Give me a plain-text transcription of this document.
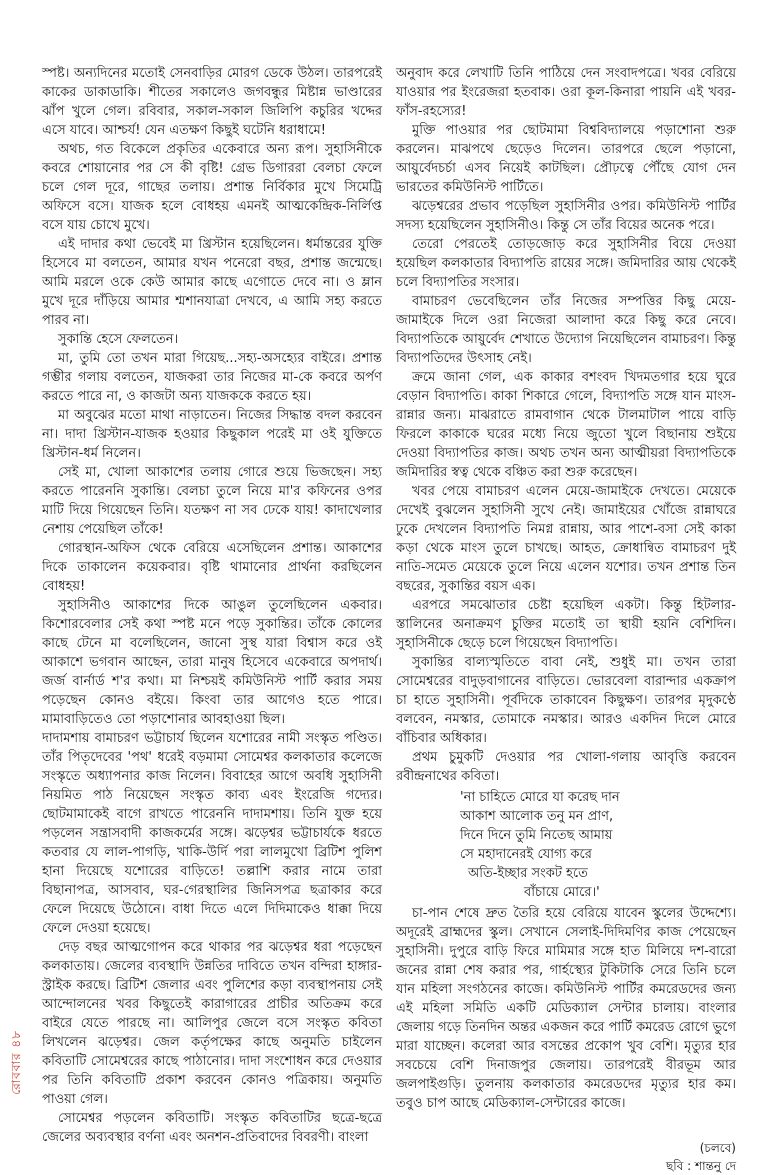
স্পষ্ট। অন্যদিনের মতোই সেনবাড়ির মোরগ ডেকে উঠল। তারপরেই কাকের ডাকাডাকি। শীতের সকালেও জগবন্ধুর মিষ্টান্ন ভাণ্ডারের ঝাঁপ খুলে গেল। রবিবার, সকাল-সকাল জিলিপি কচুরির খদ্দের এসে যাবে। আশ্চর্য! যেন এতক্ষণ কিছুই ঘটেনি ধরাধামে!

অথচ, গত বিকেলে প্রকৃতির একেবারে অন্য রূপ। সুহাসিনীকে কবরে শোয়ানোর পর সে কী বৃষ্টি! গ্রেভ ডিগাররা বেলচা ফেলে চলে গেল দূরে, গাছের তলায়। প্রশান্ত নির্বিকার মুখে সিমেট্রি অফিসে বসে। যাজক হলে বোধহয় এমনই আত্মকেন্দ্রিক-নির্লিপ্ত বসে যায় চোখে মুখে।

এই দাদার কথা ভেবেই মা খ্রিস্টান হয়েছিলেন। ধর্মান্তরের যুক্তি হিসেবে মা বলতেন, আমার যখন পনেরো বছর, প্রশান্ত জন্মেছে। আমি মরলে ওকে কেউ আমার কাছে এগোতে দেবে না। ও ম্লান মুখে দূরে দাঁড়িয়ে আমার শ্মশানযাত্রা দেখবে, এ আমি সহ্য করতে পারব না।

সুকান্তি হেসে ফেলতেন।

মা, তুমি তো তখন মারা গিয়েছ...সহ্য-অসহ্যের বাইরে। প্রশান্ত গম্ভীর গলায় বলতেন, যাজকরা তার নিজের মা-কে কবরে অর্পণ করতে পারে না, ও কাজটা অন্য যাজককে করতে হয়।

মা অবুঝের মতো মাথা নাড়াতেন। নিজের সিদ্ধান্ত বদল করবেন না। দাদা খ্রিস্টান-যাজক হওয়ার কিছুকাল পরেই মা ওই যুক্তিতে খ্রিস্টান-ধর্ম নিলেন।

সেই মা, খোলা আকাশের তলায় গোরে শুয়ে ভিজছেন। সহ্য করতে পারেননি সুকান্তি। বেলচা তুলে নিয়ে মা'র কফিনের ওপর মাটি দিয়ে গিয়েছেন তিনি। যতক্ষণ না সব ঢেকে যায়! কাদাখেলার নেশায় পেয়েছিল তাঁকে!

গোরস্থান-অফিস থেকে বেরিয়ে এসেছিলেন প্রশান্ত। আকাশের দিকে তাকালেন কয়েকবার। বৃষ্টি থামানোর প্রার্থনা করছিলেন বোধহয়!

সুহাসিনীও আকাশের দিকে আঙুল তুলেছিলেন একবার। কিশোরবেলার সেই কথা স্পষ্ট মনে পড়ে সুকান্তির। তাঁকে কোলের কাছে টেনে মা বলেছিলেন, জানো সুস্থ যারা বিশ্বাস করে ওই আকাশে ভগবান আছেন, তারা মানুষ হিসেবে একেবারে অপদার্থ। জর্জ বার্নার্ড শ'র কথা। মা নিশ্চয়ই কমিউনিস্ট পার্টি করার সময় পড়েছেন কোনও বইয়ে। কিংবা তার আগেও হতে পারে। মামাবাড়িতেও তো পড়াশোনার আবহাওয়া ছিল।

দাদামশায় বামাচরণ ভট্টাচার্য ছিলেন যশোরের নামী সংস্কৃত পণ্ডিত। তাঁর পিতৃদেবের 'পথ' ধরেই বড়মামা সোমেশ্বর কলকাতার কলেজে সংস্কৃতে অধ্যাপনার কাজ নিলেন। বিবাহের আগে অবধি সুহাসিনী নিয়মিত পাঠ নিয়েছেন সংস্কৃত কাব্য এবং ইংরেজি গদ্যের। ছোটমামাকেই বাগে রাখতে পারেননি দাদামশায়। তিনি যুক্ত হয়ে পড়লেন সন্ত্রাসবাদী কাজকর্মের সঙ্গে। ঝড়েশ্বর ভট্টাচার্যকে ধরতে কতবার যে লাল-পাগড়ি, খাকি-উর্দি পরা লালমুখো ব্রিটিশ পুলিশ হানা দিয়েছে যশোরের বাড়িতে! তল্লাশি করার নামে তারা বিছানাপত্র, আসবাব, ঘর-গেরস্থালির জিনিসপত্র ছত্রাকার করে ফেলে দিয়েছে উঠোনে। বাধা দিতে এলে দিদিমাকেও ধাক্কা দিয়ে ফেলে দেওয়া হয়েছে।

দেড় বছর আত্মগোপন করে থাকার পর ঝড়েশ্বর ধরা পড়েছেন কলকাতায়। জেলের ব্যবস্থাদি উন্নতির দাবিতে তখন বন্দিরা হাঙ্গার-স্ট্রাইক করছে। ব্রিটিশ জেলার এবং পুলিশের কড়া ব্যবস্থাপনায় সেই আন্দোলনের খবর কিছুতেই কারাগারের প্রাচীর অতিক্রম করে বাইরে যেতে পারছে না। আলিপুর জেলে বসে সংস্কৃত কবিতা লিখলেন ঝড়েশ্বর। জেল কর্তৃপক্ষের কাছে অনুমতি চাইলেন কবিতাটি সোমেশ্বরের কাছে পাঠানোর। দাদা সংশোধন করে দেওয়ার পর তিনি কবিতাটি প্রকাশ করবেন কোনও পত্রিকায়। অনুমতি পাওয়া গেল।

সোমেশ্বর পড়লেন কবিতাটি। সংস্কৃত কবিতাটির ছত্রে-ছত্রে জেলের অব্যবস্থার বর্ণনা এবং অনশন-প্রতিবাদের বিবরণী। বাংলা

অনুবাদ করে লেখাটি তিনি পাঠিয়ে দেন সংবাদপত্রে। খবর বেরিয়ে যাওয়ার পর ইংরেজরা হতবাক। ওরা কূল-কিনারা পায়নি এই খবর-ফাঁস-রহস্যের!

মুক্তি পাওয়ার পর ছোটমামা বিশ্ববিদ্যালয়ে পড়াশোনা শুরু করলেন। মাঝপথে ছেড়েও দিলেন। তারপরে ছেলে পড়ানো, আয়ুর্বেদচর্চা এসব নিয়েই কাটছিল। প্রৌঢ়ত্বে পৌঁছে যোগ দেন ভারতের কমিউনিস্ট পার্টিতে।

ঝড়েশ্বরের প্রভাব পড়েছিল সুহাসিনীর ওপর। কমিউনিস্ট পার্টির সদস্য হয়েছিলেন সুহাসিনীও। কিন্তু সে তাঁর বিয়ের অনেক পরে।

তেরো পেরতেই তোড়জোড় করে সুহাসিনীর বিয়ে দেওয়া হয়েছিল কলকাতার বিদ্যাপতি রায়ের সঙ্গে। জমিদারির আয় থেকেই চলে বিদ্যাপতির সংসার।

বামাচরণ ভেবেছিলেন তাঁর নিজের সম্পত্তির কিছু মেয়ে-জামাইকে দিলে ওরা নিজেরা আলাদা করে কিছু করে নেবে। বিদ্যাপতিকে আয়ুর্বেদ শেখাতে উদ্যোগ নিয়েছিলেন বামাচরণ। কিন্তু বিদ্যাপতিদের উৎসাহ নেই।

ক্রমে জানা গেল, এক কাকার বশংবদ খিদমতগার হয়ে ঘুরে বেড়ান বিদ্যাপতি। কাকা শিকারে গেলে, বিদ্যাপতি সঙ্গে যান মাংস-রান্নার জন্য। মাঝরাতে রামবাগান থেকে টালমাটাল পায়ে বাড়ি ফিরলে কাকাকে ঘরের মধ্যে নিয়ে জুতো খুলে বিছানায় শুইয়ে দেওয়া বিদ্যাপতির কাজ। অথচ তখন অন্য আত্মীয়রা বিদ্যাপতিকে জমিদারির স্বত্ব থেকে বঞ্চিত করা শুরু করেছেন।

খবর পেয়ে বামাচরণ এলেন মেয়ে-জামাইকে দেখতে। মেয়েকে দেখেই বুঝলেন সুহাসিনী সুখে নেই। জামাইয়ের খোঁজে রান্নাঘরে ঢুকে দেখলেন বিদ্যাপতি নিমগ্ন রান্নায়, আর পাশে-বসা সেই কাকা কড়া থেকে মাংস তুলে চাখছে। আহত, ক্রোধান্বিত বামাচরণ দুই নাতি-সমেত মেয়েকে তুলে নিয়ে এলেন যশোর। তখন প্রশান্ত তিন বছরের, সুকান্তির বয়স এক।

এরপরে সমঝোতার চেষ্টা হয়েছিল একটা। কিন্তু হিটলার-স্তালিনের অনাক্রমণ চুক্তির মতোই তা স্থায়ী হয়নি বেশিদিন। সুহাসিনীকে ছেড়ে চলে গিয়েছেন বিদ্যাপতি।

সুকান্তির বাল্যস্মৃতিতে বাবা নেই, শুধুই মা। তখন তারা সোমেশ্বরের বাদুড়বাগানের বাড়িতে। ভোরবেলা বারান্দার একক্রাপ চা হাতে সুহাসিনী। পূর্বদিকে তাকাবেন কিছুক্ষণ। তারপর মৃদুকণ্ঠে বলবেন, নমস্কার, তোমাকে নমস্কার। আরও একদিন দিলে মোরে বাঁচিবার অধিকার।

প্রথম চুমুকটি দেওয়ার পর খোলা-গলায় আবৃত্তি করবেন রবীন্দ্রনাথের কবিতা।

'না চাহিতে মোরে যা করেছ দান
আকাশ আলোক তনু মন প্রাণ,
দিনে দিনে তুমি নিতেছ আমায়
সে মহাদানেরই যোগ্য করে
অতি-ইচ্ছার সংকট হতে
বাঁচায়ে মোরে।'

চা-পান শেষে দ্রুত তৈরি হয়ে বেরিয়ে যাবেন স্কুলের উদ্দেশ্যে। অদূরেই ব্রাহ্মদের স্কুল। সেখানে সেলাই-দিদিমণির কাজ পেয়েছেন সুহাসিনী। দুপুরে বাড়ি ফিরে মামিমার সঙ্গে হাত মিলিয়ে দশ-বারো জনের রান্না শেষ করার পর, গার্হস্থ্যের টুকিটাকি সেরে তিনি চলে যান মহিলা সংগঠনের কাজে। কমিউনিস্ট পার্টির কমরেডদের জন্য এই মহিলা সমিতি একটি মেডিক্যাল সেন্টার চালায়। বাংলার জেলায় গড়ে তিনদিন অন্তর একজন করে পার্টি কমরেড রোগে ভুগে মারা যাচ্ছেন। কলেরা আর বসন্তের প্রকোপ খুব বেশি। মৃত্যুর হার সবচেয়ে বেশি দিনাজপুর জেলায়। তারপরেই বীরভূম আর জলপাইগুড়ি। তুলনায় কলকাতার কমরেডদের মৃত্যুর হার কম। তবুও চাপ আছে মেডিক্যাল-সেন্টারের কাজে।

(চলবে)
ছবি : শান্তনু দে
রোববার ৪৮
